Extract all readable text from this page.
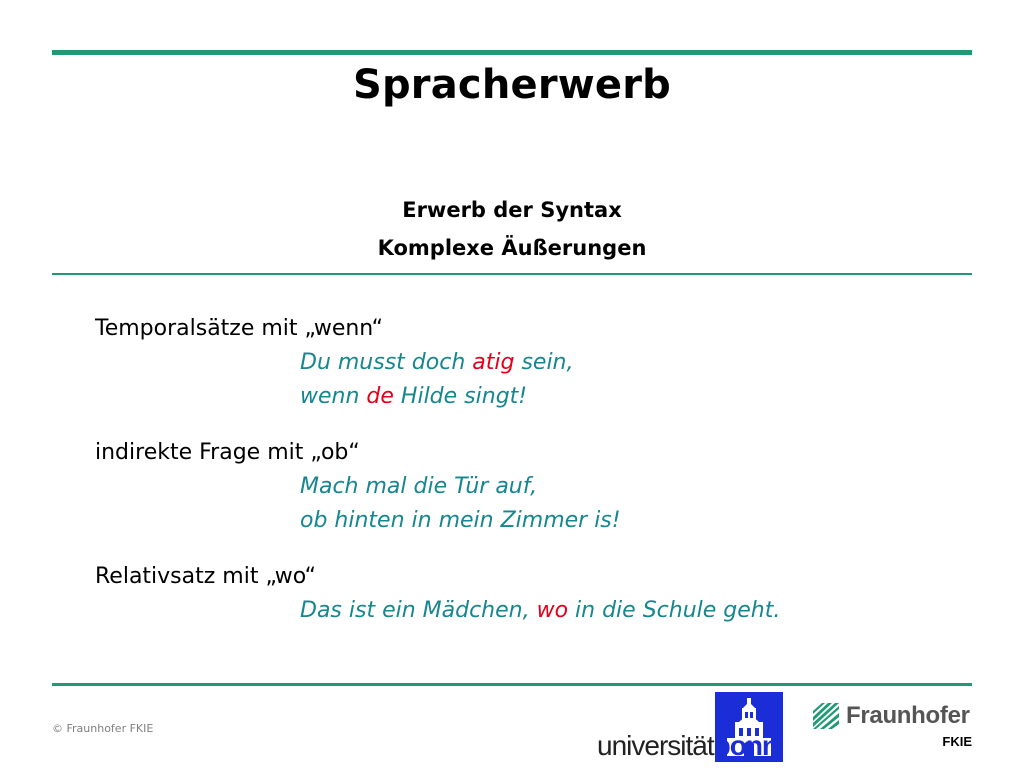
Spracherwerb
Erwerb der Syntax
Komplexe Äußerungen
Temporalsätze mit „wenn“
Du musst doch atig sein,
wenn de Hilde singt!
indirekte Frage mit „ob“
Mach mal die Tür auf,
ob hinten in mein Zimmer is!
Relativsatz mit „wo“
Das ist ein Mädchen, wo in die Schule geht.
© Fraunhofer FKIE
universitätbonn
Fraunhofer
FKIE
